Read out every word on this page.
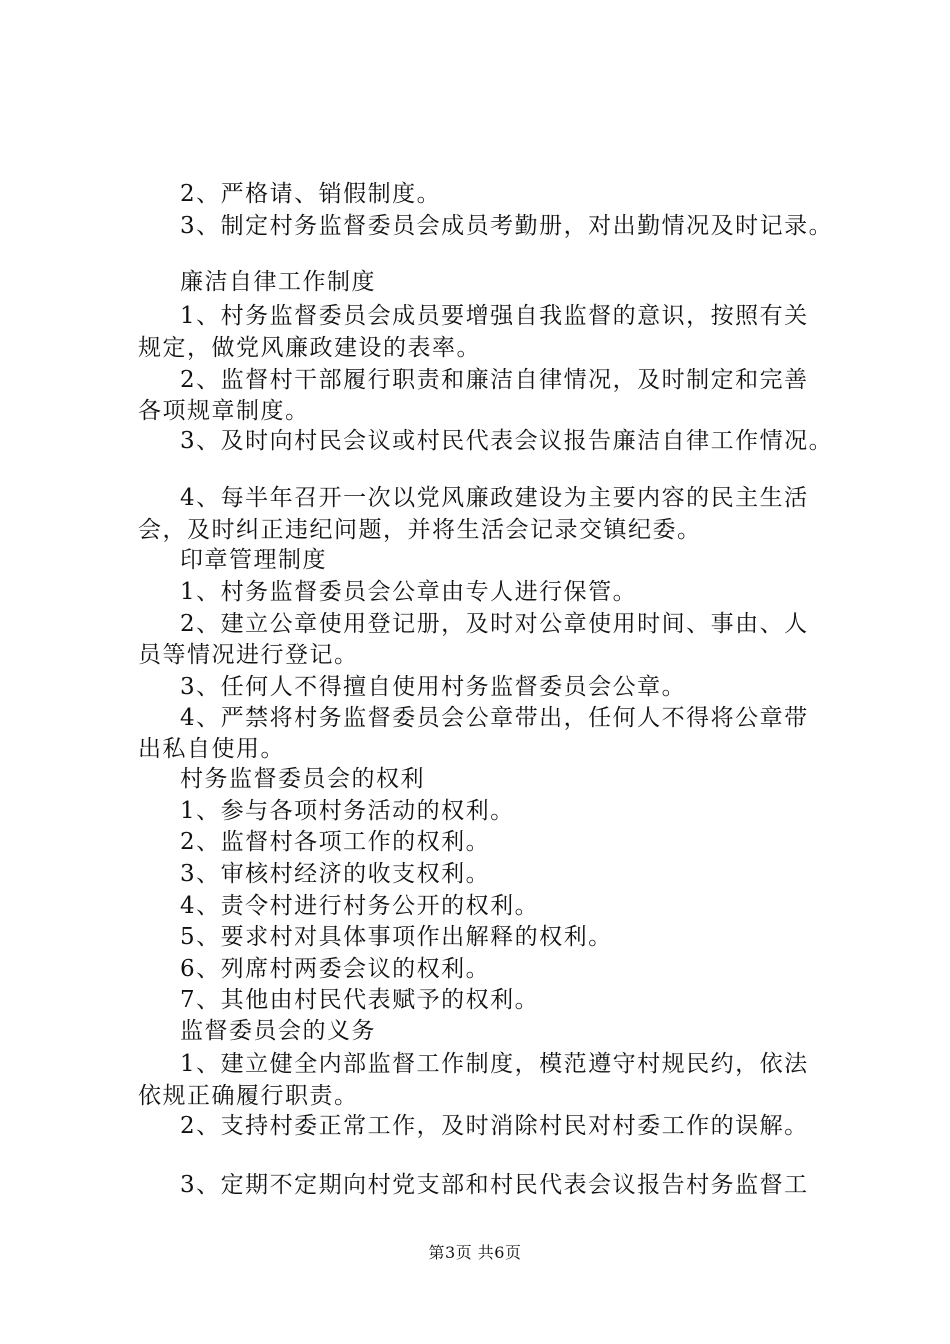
2、严格请、销假制度。
3、制定村务监督委员会成员考勤册，对出勤情况及时记录。
廉洁自律工作制度
1、村务监督委员会成员要增强自我监督的意识，按照有关
规定，做党风廉政建设的表率。
2、监督村干部履行职责和廉洁自律情况，及时制定和完善
各项规章制度。
3、及时向村民会议或村民代表会议报告廉洁自律工作情况。
4、每半年召开一次以党风廉政建设为主要内容的民主生活
会，及时纠正违纪问题，并将生活会记录交镇纪委。
印章管理制度
1、村务监督委员会公章由专人进行保管。
2、建立公章使用登记册，及时对公章使用时间、事由、人
员等情况进行登记。
3、任何人不得擅自使用村务监督委员会公章。
4、严禁将村务监督委员会公章带出，任何人不得将公章带
出私自使用。
村务监督委员会的权利
1、参与各项村务活动的权利。
2、监督村各项工作的权利。
3、审核村经济的收支权利。
4、责令村进行村务公开的权利。
5、要求村对具体事项作出解释的权利。
6、列席村两委会议的权利。
7、其他由村民代表赋予的权利。
监督委员会的义务
1、建立健全内部监督工作制度，模范遵守村规民约，依法
依规正确履行职责。
2、支持村委正常工作，及时消除村民对村委工作的误解。
3、定期不定期向村党支部和村民代表会议报告村务监督工
第3页 共6页
